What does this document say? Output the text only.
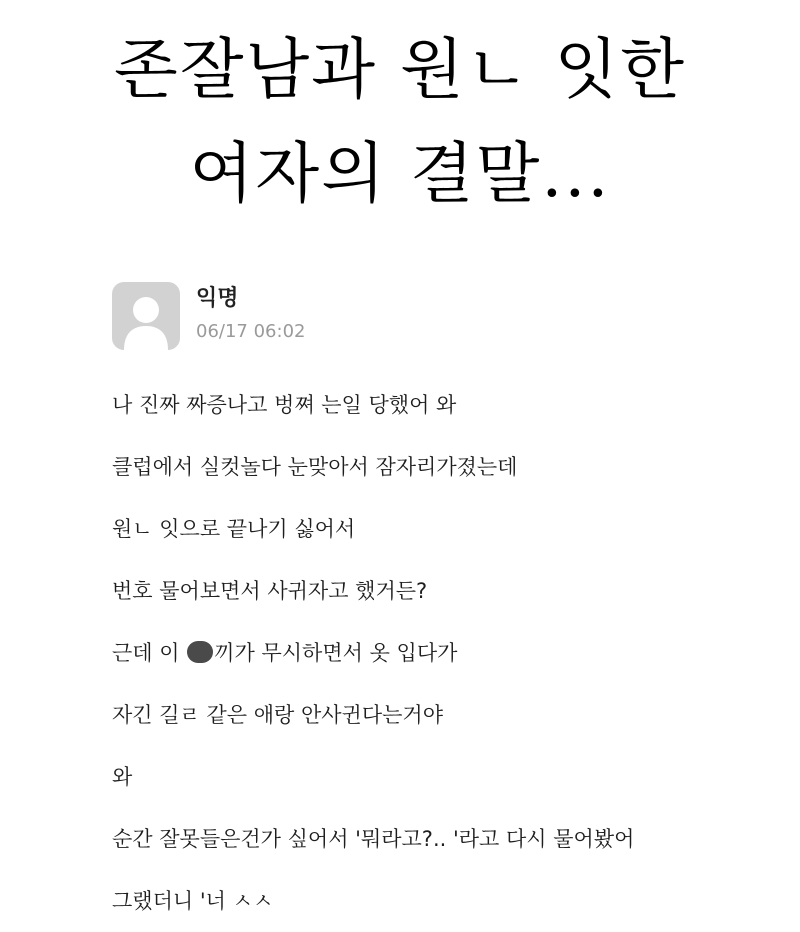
존잘남과 원ㄴ 잇한
여자의 결말...
익명
06/17 06:02
나 진짜 짜증나고 벙쪄 는일 당했어 와
클럽에서 실컷놀다 눈맞아서 잠자리가졌는데
원ㄴ 잇으로 끝나기 싫어서
번호 물어보면서 사귀자고 했거든?
근데 이 끼가 무시하면서 옷 입다가
자긴 길ㄹ 같은 애랑 안사귄다는거야
와
순간 잘못들은건가 싶어서 '뭐라고?.. '라고 다시 물어봤어
그랬더니 '너 ㅅㅅ
